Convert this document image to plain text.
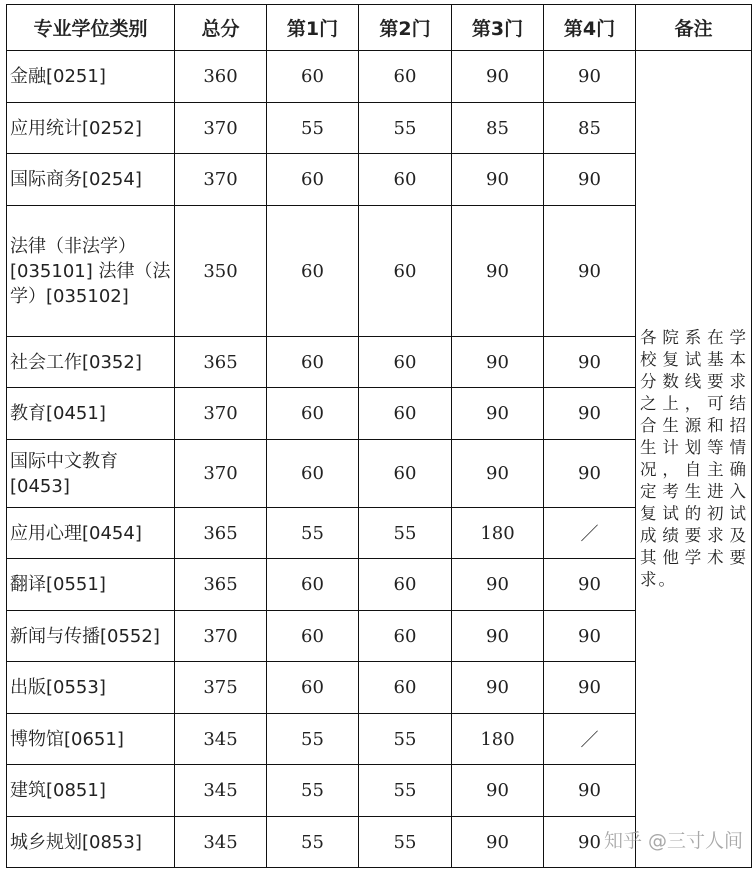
专业学位类别	总分	第1门	第2门	第3门	第4门	备注
金融[0251]	360	60	60	90	90	各院系在学校复试基本分数线要求之上，可结合生源和招生计划等情况，自主确定考生进入复试的初试成绩要求及其他学术要求。
应用统计[0252]	370	55	55	85	85	
国际商务[0254]	370	60	60	90	90	
法律（非法学）[035101] 法律（法学）[035102]	350	60	60	90	90	
社会工作[0352]	365	60	60	90	90	
教育[0451]	370	60	60	90	90	
国际中文教育[0453]	370	60	60	90	90	
应用心理[0454]	365	55	55	180	／	
翻译[0551]	365	60	60	90	90	
新闻与传播[0552]	370	60	60	90	90	
出版[0553]	375	60	60	90	90	
博物馆[0651]	345	55	55	180	／	
建筑[0851]	345	55	55	90	90	
城乡规划[0853]	345	55	55	90	90	知乎 @三寸人间
